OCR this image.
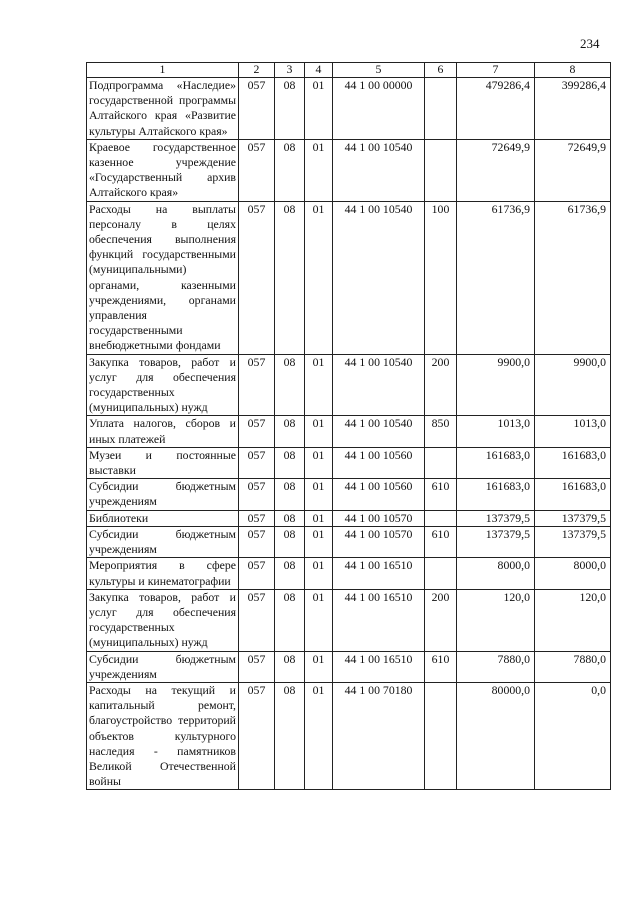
234
1	2	3	4	5	6	7	8
Подпрограмма «Наследие» государственной программы Алтайского края «Развитие культуры Алтайского края»	057	08	01	44 1 00 00000		479286,4	399286,4
Краевое государственное казенное учреждение «Государственный архив Алтайского края»	057	08	01	44 1 00 10540		72649,9	72649,9
Расходы на выплаты персоналу в целях обеспечения выполнения функций государственными (муниципальными) органами, казенными учреждениями, органами управления государственными внебюджетными фондами	057	08	01	44 1 00 10540	100	61736,9	61736,9
Закупка товаров, работ и услуг для обеспечения государственных (муниципальных) нужд	057	08	01	44 1 00 10540	200	9900,0	9900,0
Уплата налогов, сборов и иных платежей	057	08	01	44 1 00 10540	850	1013,0	1013,0
Музеи и постоянные выставки	057	08	01	44 1 00 10560		161683,0	161683,0
Субсидии бюджетным учреждениям	057	08	01	44 1 00 10560	610	161683,0	161683,0
Библиотеки	057	08	01	44 1 00 10570		137379,5	137379,5
Субсидии бюджетным учреждениям	057	08	01	44 1 00 10570	610	137379,5	137379,5
Мероприятия в сфере культуры и кинематографии	057	08	01	44 1 00 16510		8000,0	8000,0
Закупка товаров, работ и услуг для обеспечения государственных (муниципальных) нужд	057	08	01	44 1 00 16510	200	120,0	120,0
Субсидии бюджетным учреждениям	057	08	01	44 1 00 16510	610	7880,0	7880,0
Расходы на текущий и капитальный ремонт, благоустройство территорий объектов культурного наследия - памятников Великой Отечественной войны	057	08	01	44 1 00 70180		80000,0	0,0
